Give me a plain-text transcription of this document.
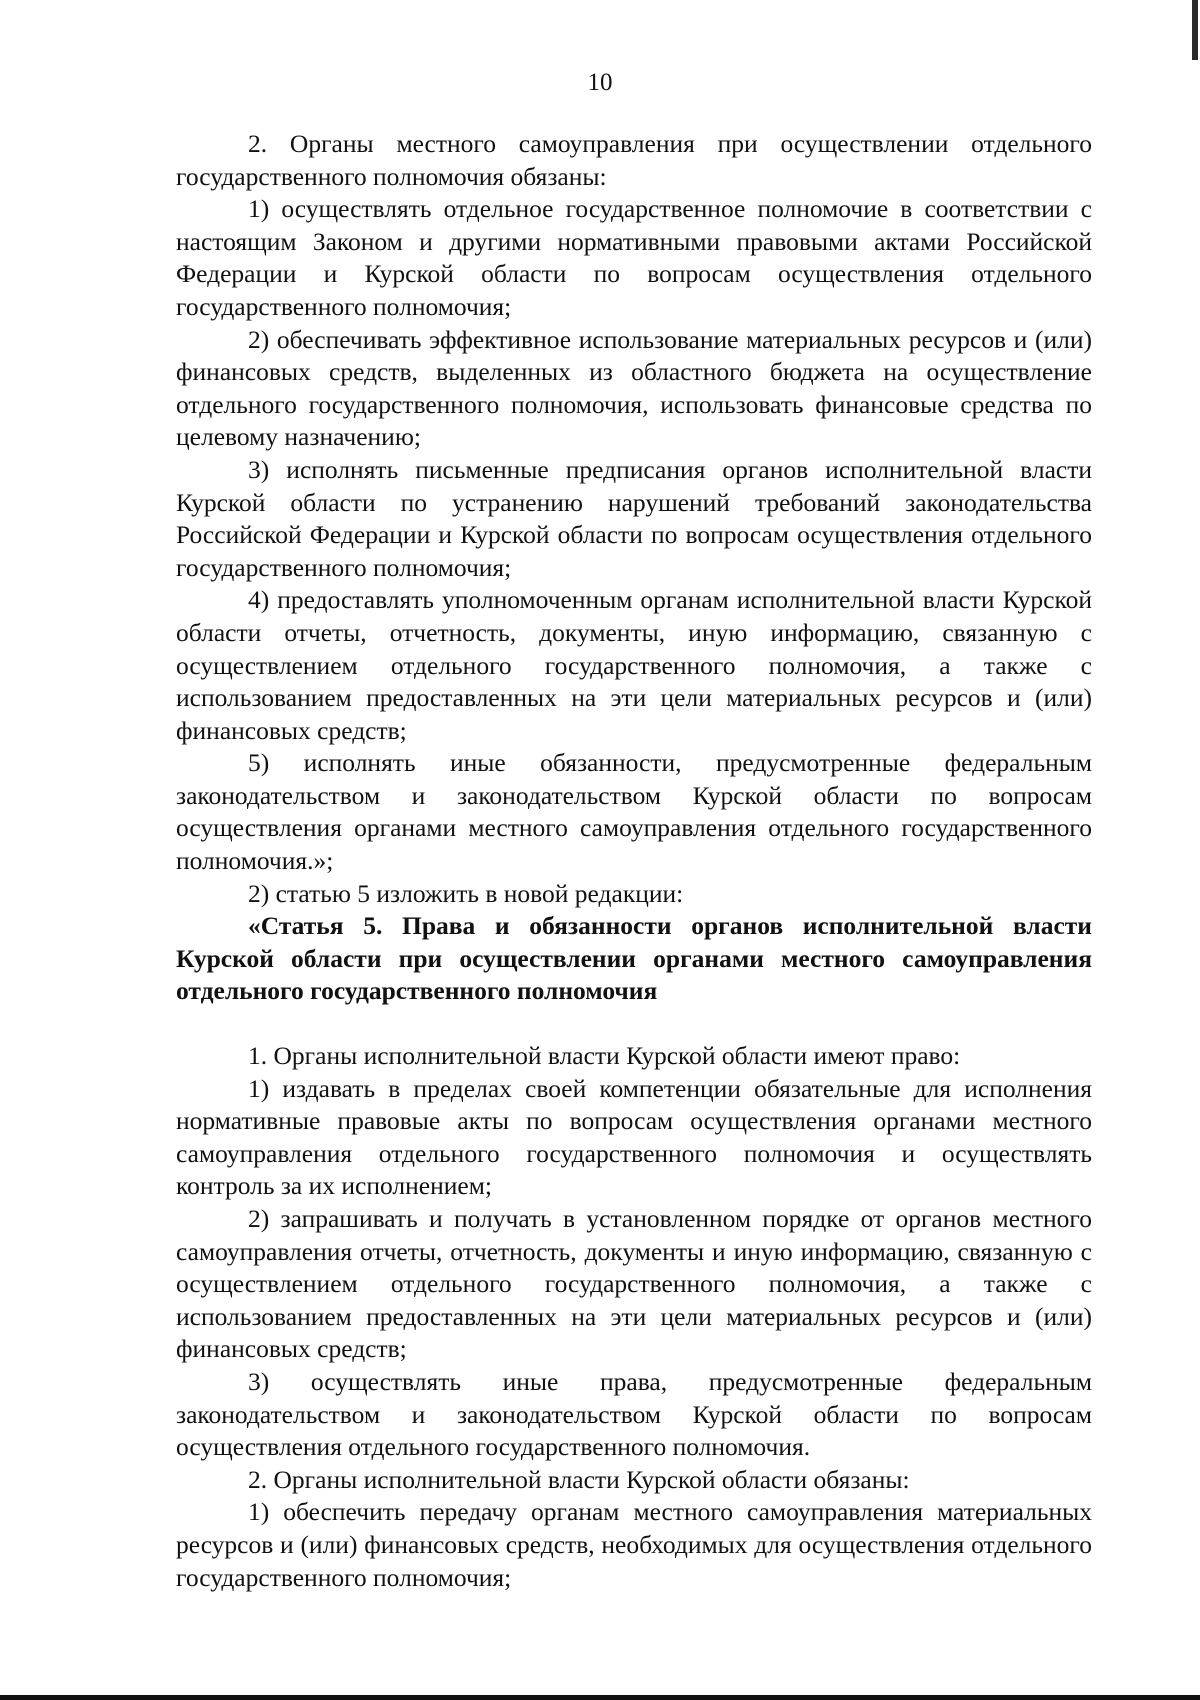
10

2. Органы местного самоуправления при осуществлении отдельного государственного полномочия обязаны:

1) осуществлять отдельное государственное полномочие в соответствии с настоящим Законом и другими нормативными правовыми актами Российской Федерации и Курской области по вопросам осуществления отдельного государственного полномочия;

2) обеспечивать эффективное использование материальных ресурсов и (или) финансовых средств, выделенных из областного бюджета на осуществление отдельного государственного полномочия, использовать финансовые средства по целевому назначению;

3) исполнять письменные предписания органов исполнительной власти Курской области по устранению нарушений требований законодательства Российской Федерации и Курской области по вопросам осуществления отдельного государственного полномочия;

4) предоставлять уполномоченным органам исполнительной власти Курской области отчеты, отчетность, документы, иную информацию, связанную с осуществлением отдельного государственного полномочия, а также с использованием предоставленных на эти цели материальных ресурсов и (или) финансовых средств;

5) исполнять иные обязанности, предусмотренные федеральным законодательством и законодательством Курской области по вопросам осуществления органами местного самоуправления отдельного государственного полномочия.»;

2) статью 5 изложить в новой редакции:

«Статья 5. Права и обязанности органов исполнительной власти Курской области при осуществлении органами местного самоуправления отдельного государственного полномочия

1. Органы исполнительной власти Курской области имеют право:

1) издавать в пределах своей компетенции обязательные для исполнения нормативные правовые акты по вопросам осуществления органами местного самоуправления отдельного государственного полномочия и осуществлять контроль за их исполнением;

2) запрашивать и получать в установленном порядке от органов местного самоуправления отчеты, отчетность, документы и иную информацию, связанную с осуществлением отдельного государственного полномочия, а также с использованием предоставленных на эти цели материальных ресурсов и (или) финансовых средств;

3) осуществлять иные права, предусмотренные федеральным законодательством и законодательством Курской области по вопросам осуществления отдельного государственного полномочия.

2. Органы исполнительной власти Курской области обязаны:

1) обеспечить передачу органам местного самоуправления материальных ресурсов и (или) финансовых средств, необходимых для осуществления отдельного государственного полномочия;
